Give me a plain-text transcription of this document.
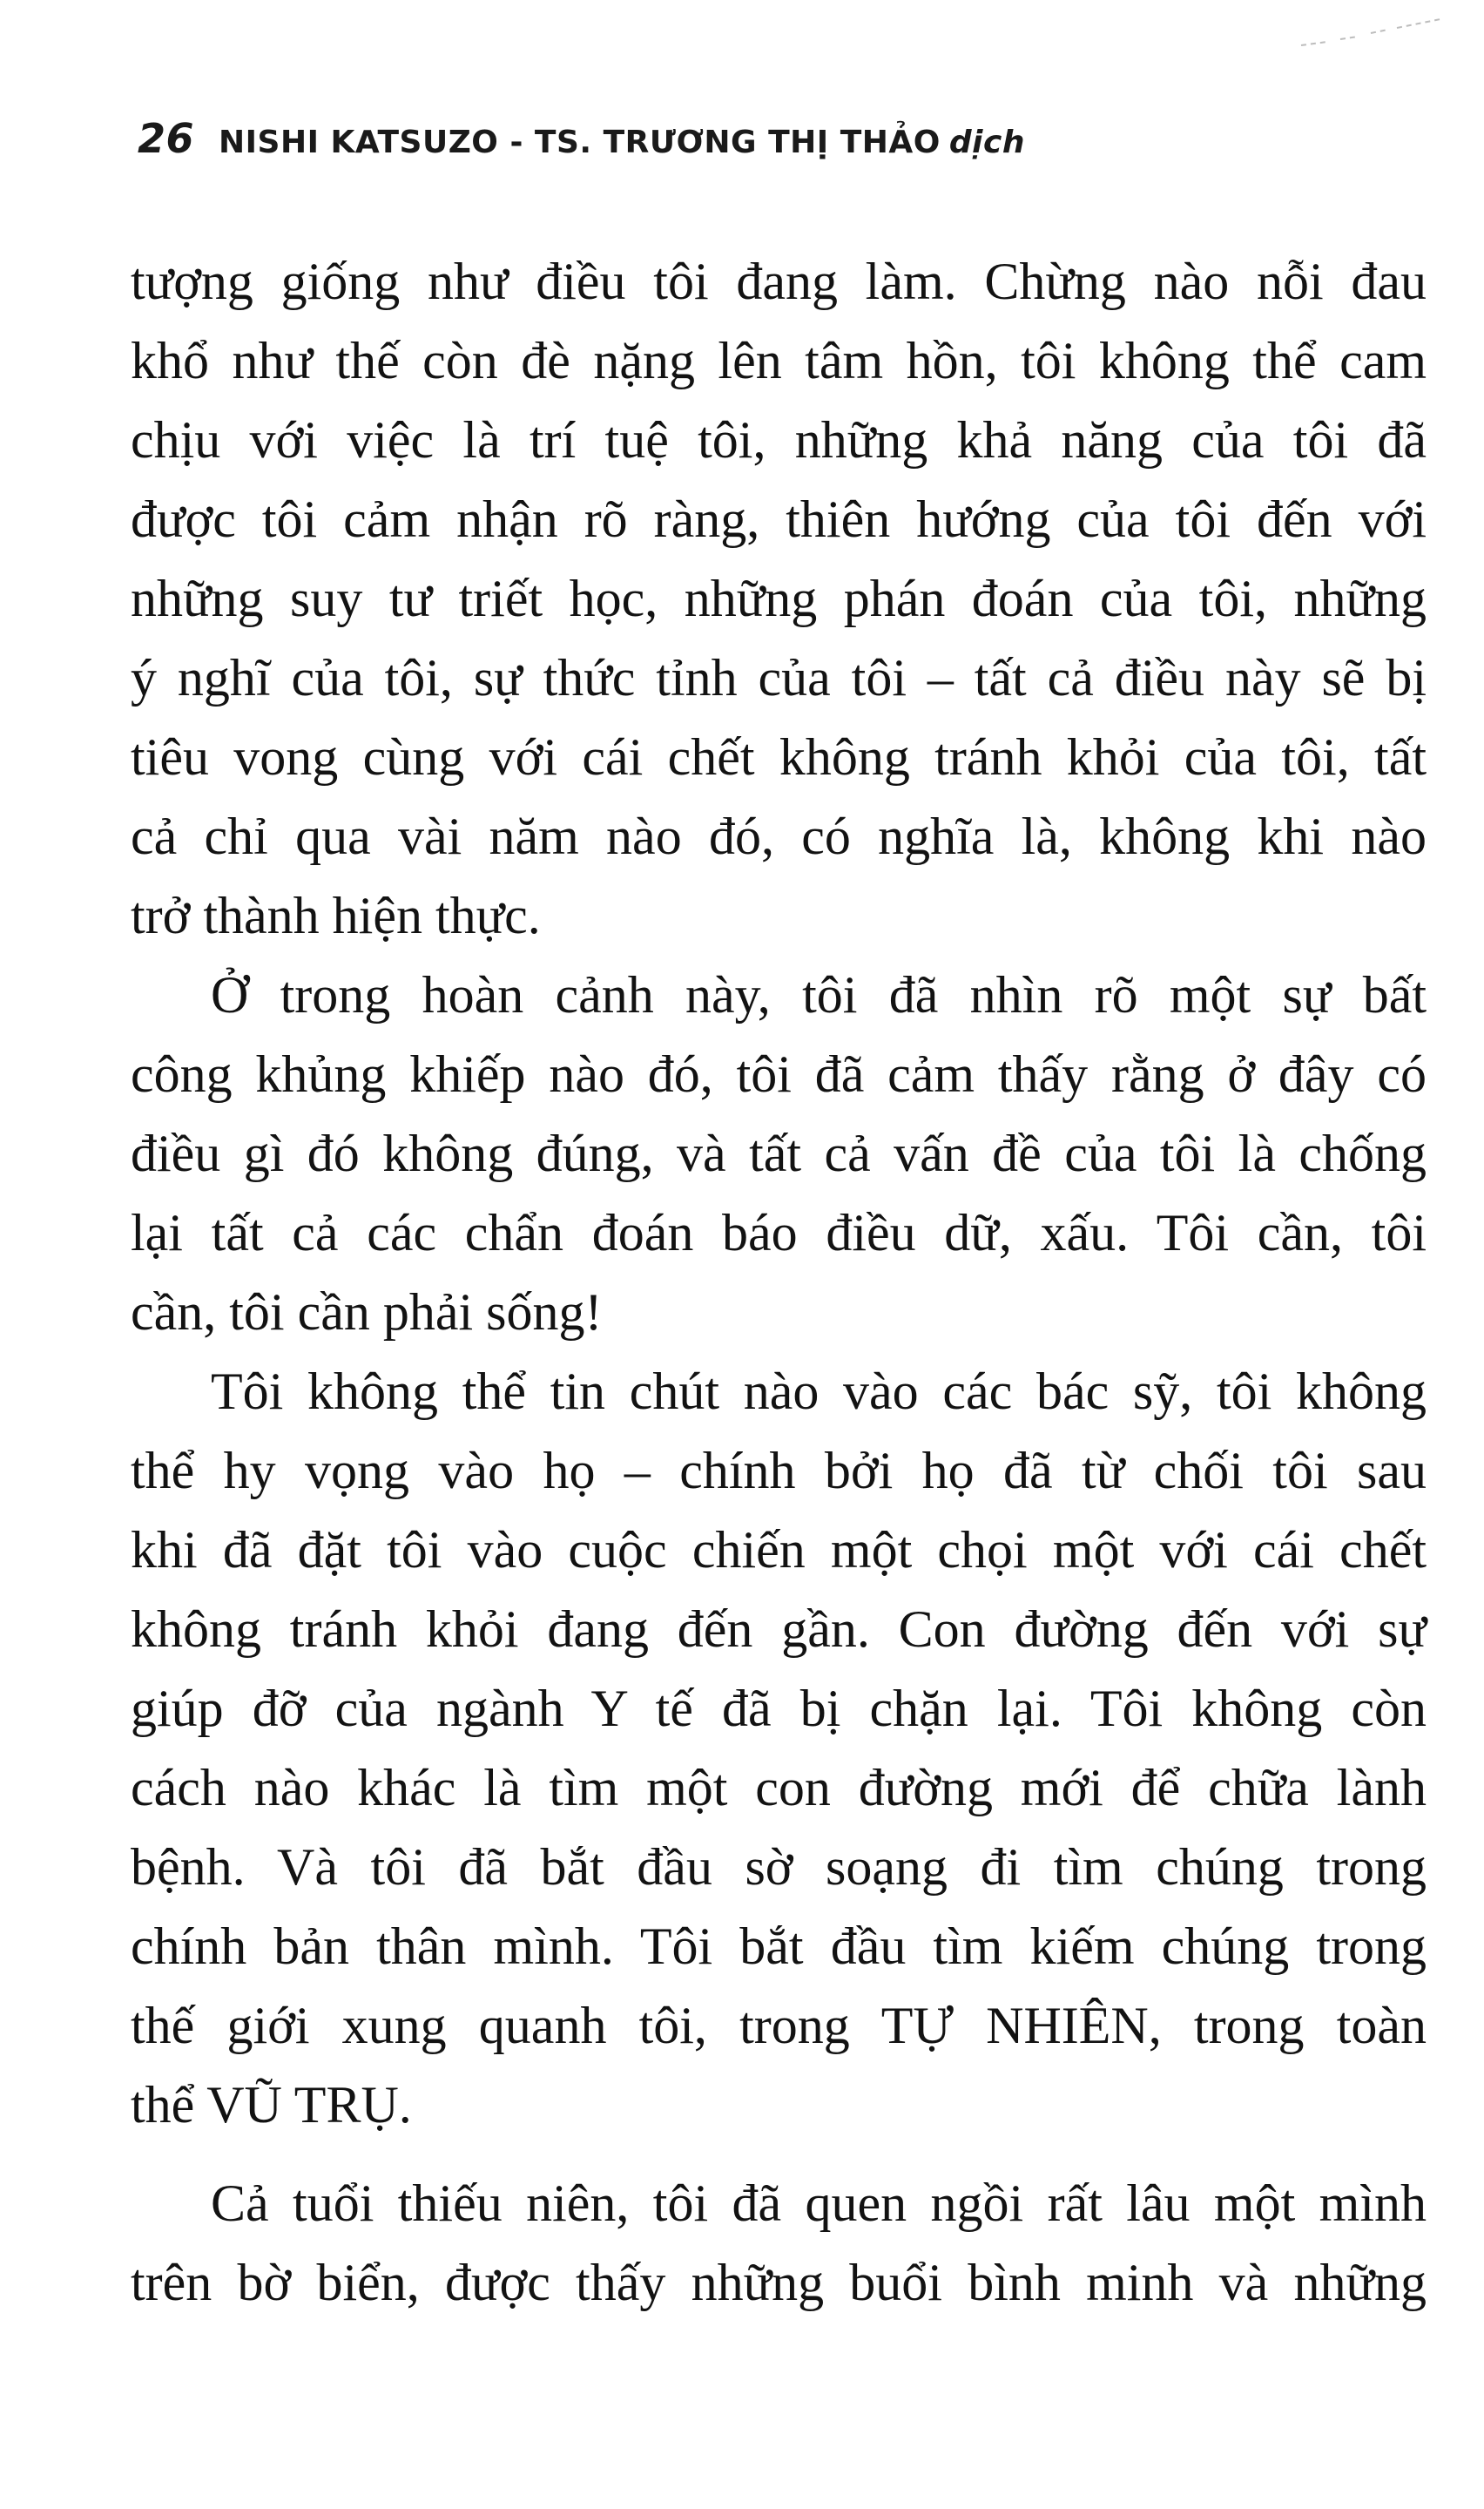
26 NISHI KATSUZO - TS. TRƯƠNG THỊ THẢO dịch
tượng giống như điều tôi đang làm. Chừng nào nỗi đau
khổ như thế còn đè nặng lên tâm hồn, tôi không thể cam
chịu với việc là trí tuệ tôi, những khả năng của tôi đã
được tôi cảm nhận rõ ràng, thiên hướng của tôi đến với
những suy tư triết học, những phán đoán của tôi, những
ý nghĩ của tôi, sự thức tỉnh của tôi – tất cả điều này sẽ bị
tiêu vong cùng với cái chết không tránh khỏi của tôi, tất
cả chỉ qua vài năm nào đó, có nghĩa là, không khi nào
trở thành hiện thực.
Ở trong hoàn cảnh này, tôi đã nhìn rõ một sự bất
công khủng khiếp nào đó, tôi đã cảm thấy rằng ở đây có
điều gì đó không đúng, và tất cả vấn đề của tôi là chống
lại tất cả các chẩn đoán báo điều dữ, xấu. Tôi cần, tôi
cần, tôi cần phải sống!
Tôi không thể tin chút nào vào các bác sỹ, tôi không
thể hy vọng vào họ – chính bởi họ đã từ chối tôi sau
khi đã đặt tôi vào cuộc chiến một chọi một với cái chết
không tránh khỏi đang đến gần. Con đường đến với sự
giúp đỡ của ngành Y tế đã bị chặn lại. Tôi không còn
cách nào khác là tìm một con đường mới để chữa lành
bệnh. Và tôi đã bắt đầu sờ soạng đi tìm chúng trong
chính bản thân mình. Tôi bắt đầu tìm kiếm chúng trong
thế giới xung quanh tôi, trong TỰ NHIÊN, trong toàn
thể VŨ TRỤ.
Cả tuổi thiếu niên, tôi đã quen ngồi rất lâu một mình
trên bờ biển, được thấy những buổi bình minh và những
